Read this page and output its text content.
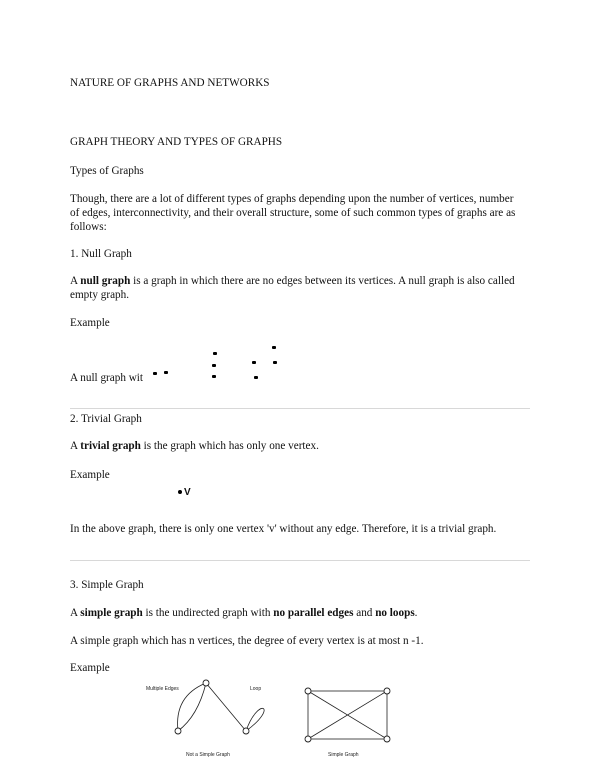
NATURE OF GRAPHS AND NETWORKS
GRAPH THEORY AND TYPES OF GRAPHS
Types of Graphs
Though, there are a lot of different types of graphs depending upon the number of vertices, number of edges, interconnectivity, and their overall structure, some of such common types of graphs are as follows:
1. Null Graph
A null graph is a graph in which there are no edges between its vertices. A null graph is also called empty graph.
Example
A null graph wit
2. Trivial Graph
A trivial graph is the graph which has only one vertex.
Example
V
In the above graph, there is only one vertex 'v' without any edge. Therefore, it is a trivial graph.
3. Simple Graph
A simple graph is the undirected graph with no parallel edges and no loops.
A simple graph which has n vertices, the degree of every vertex is at most n -1.
Example
Multiple Edges	Loop
Not a Simple Graph	Simple Graph
